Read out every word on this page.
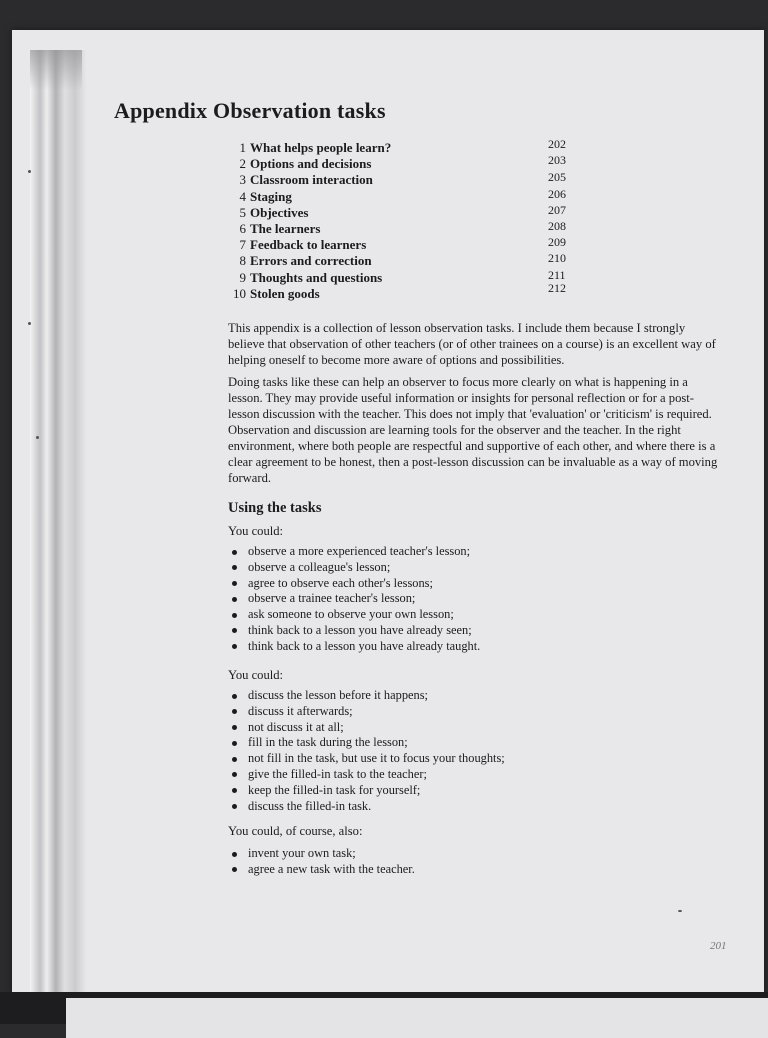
Appendix Observation tasks
1 What helps people learn?	202
2 Options and decisions	203
3 Classroom interaction	205
4 Staging	206
5 Objectives	207
6 The learners	208
7 Feedback to learners	209
8 Errors and correction	210
9 Thoughts and questions	211
10 Stolen goods	212

This appendix is a collection of lesson observation tasks. I include them because I strongly believe that observation of other teachers (or of other trainees on a course) is an excellent way of helping oneself to become more aware of options and possibilities.

Doing tasks like these can help an observer to focus more clearly on what is happening in a lesson. They may provide useful information or insights for personal reflection or for a post-lesson discussion with the teacher. This does not imply that 'evaluation' or 'criticism' is required. Observation and discussion are learning tools for the observer and the teacher. In the right environment, where both people are respectful and supportive of each other, and where there is a clear agreement to be honest, then a post-lesson discussion can be invaluable as a way of moving forward.

Using the tasks
You could:
observe a more experienced teacher's lesson;
observe a colleague's lesson;
agree to observe each other's lessons;
observe a trainee teacher's lesson;
ask someone to observe your own lesson;
think back to a lesson you have already seen;
think back to a lesson you have already taught.
You could:
discuss the lesson before it happens;
discuss it afterwards;
not discuss it at all;
fill in the task during the lesson;
not fill in the task, but use it to focus your thoughts;
give the filled-in task to the teacher;
keep the filled-in task for yourself;
discuss the filled-in task.
You could, of course, also:
invent your own task;
agree a new task with the teacher.
201
